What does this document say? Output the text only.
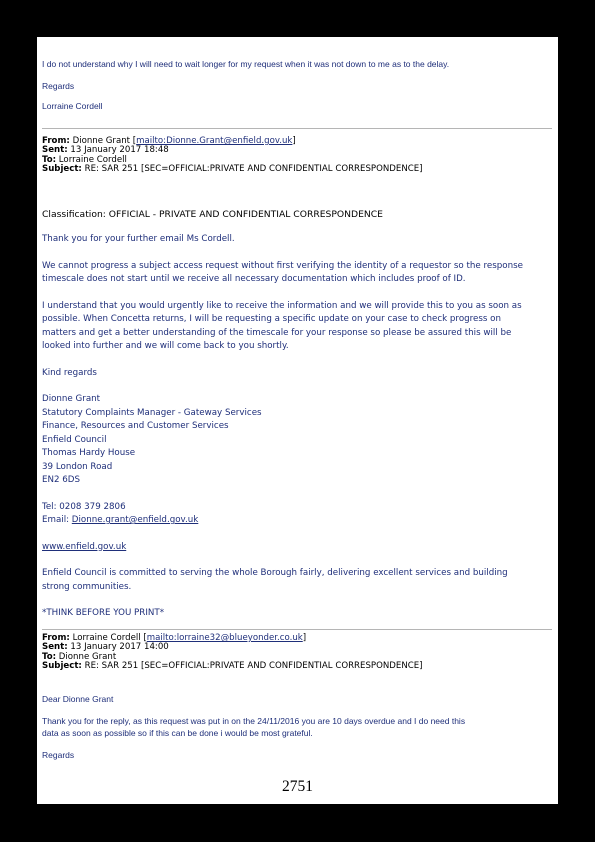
I do not understand why I will need to wait longer for my request when it was not down to me as to the delay.

Regards

Lorraine Cordell

From: Dionne Grant [mailto:Dionne.Grant@enfield.gov.uk]
Sent: 13 January 2017 18:48
To: Lorraine Cordell
Subject: RE: SAR 251 [SEC=OFFICIAL:PRIVATE AND CONFIDENTIAL CORRESPONDENCE]

Classification: OFFICIAL - PRIVATE AND CONFIDENTIAL CORRESPONDENCE

Thank you for your further email Ms Cordell.

We cannot progress a subject access request without first verifying the identity of a requestor so the response

timescale does not start until we receive all necessary documentation which includes proof of ID.

I understand that you would urgently like to receive the information and we will provide this to you as soon as

possible. When Concetta returns, I will be requesting a specific update on your case to check progress on

matters and get a better understanding of the timescale for your response so please be assured this will be

looked into further and we will come back to you shortly.

Kind regards

Dionne Grant

Statutory Complaints Manager - Gateway Services

Finance, Resources and Customer Services

Enfield Council

Thomas Hardy House

39 London Road

EN2 6DS

Tel: 0208 379 2806

Email: Dionne.grant@enfield.gov.uk

www.enfield.gov.uk

Enfield Council is committed to serving the whole Borough fairly, delivering excellent services and building

strong communities.

*THINK BEFORE YOU PRINT*

From: Lorraine Cordell [mailto:lorraine32@blueyonder.co.uk]
Sent: 13 January 2017 14:00
To: Dionne Grant
Subject: RE: SAR 251 [SEC=OFFICIAL:PRIVATE AND CONFIDENTIAL CORRESPONDENCE]

Dear Dionne Grant

Thank you for the reply, as this request was put in on the 24/11/2016 you are 10 days overdue and I do need this

data as soon as possible so if this can be done i would be most grateful.

Regards

2751
